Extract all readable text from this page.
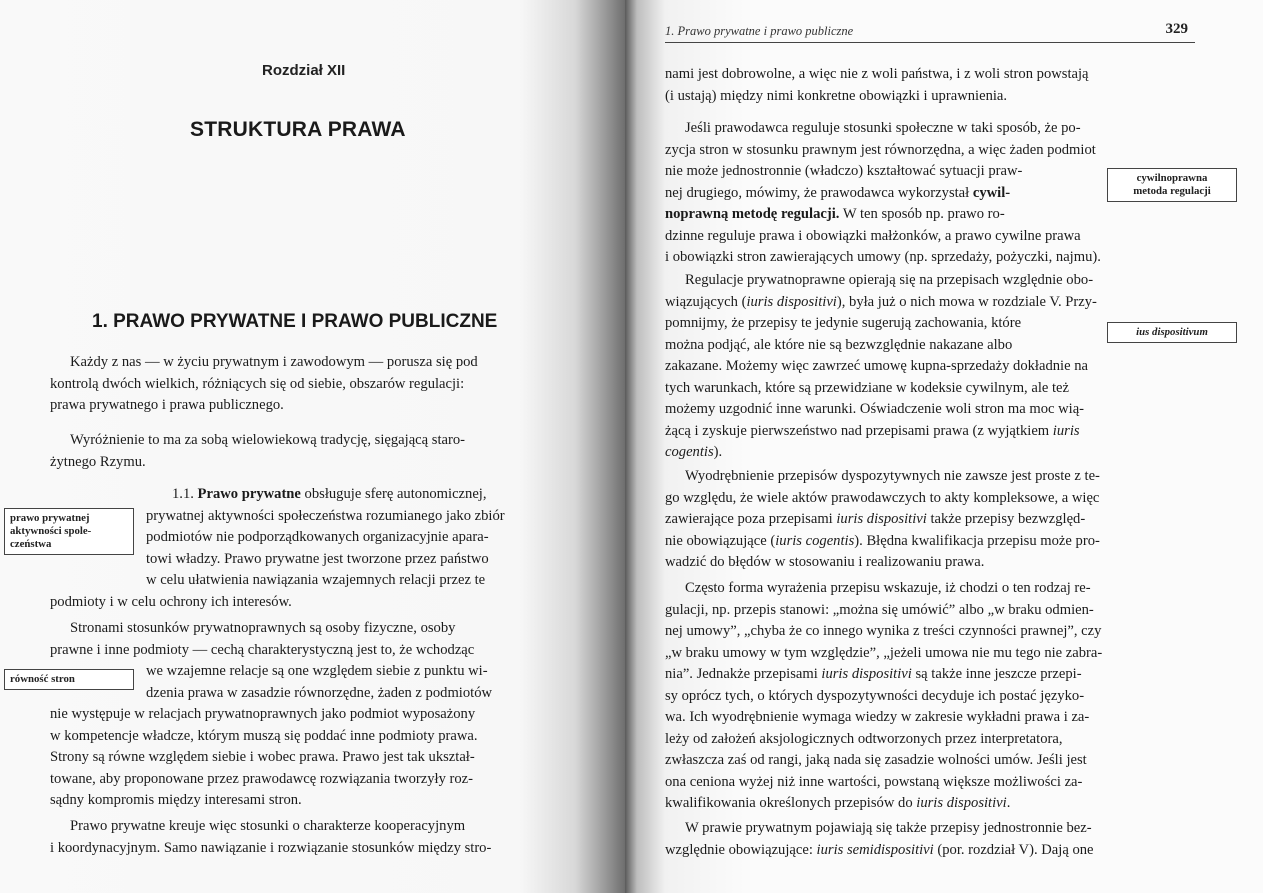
Rozdział XII
STRUKTURA PRAWA
1. PRAWO PRYWATNE I PRAWO PUBLICZNE
Każdy z nas — w życiu prywatnym i zawodowym — porusza się pod
kontrolą dwóch wielkich, różniących się od siebie, obszarów regulacji:
prawa prywatnego i prawa publicznego.
Wyróżnienie to ma za sobą wielowiekową tradycję, sięgającą staro-
żytnego Rzymu.
1.1. Prawo prywatne obsługuje sferę autonomicznej,
prywatnej aktywności społeczeństwa rozumianego jako zbiór
podmiotów nie podporządkowanych organizacyjnie apara-
towi władzy. Prawo prywatne jest tworzone przez państwo
w celu ułatwienia nawiązania wzajemnych relacji przez te
podmioty i w celu ochrony ich interesów.
prawo prywatnej
aktywności spole-
czeństwa
Stronami stosunków prywatnoprawnych są osoby fizyczne, osoby
prawne i inne podmioty — cechą charakterystyczną jest to, że wchodząc
we wzajemne relacje są one względem siebie z punktu wi-
dzenia prawa w zasadzie równorzędne, żaden z podmiotów
nie występuje w relacjach prywatnoprawnych jako podmiot wyposażony
w kompetencje władcze, którym muszą się poddać inne podmioty prawa.
Strony są równe względem siebie i wobec prawa. Prawo jest tak ukształ-
towane, aby proponowane przez prawodawcę rozwiązania tworzyły roz-
sądny kompromis między interesami stron.
równość stron
Prawo prywatne kreuje więc stosunki o charakterze kooperacyjnym
i koordynacyjnym. Samo nawiązanie i rozwiązanie stosunków między stro-
1. Prawo prywatne i prawo publiczne	329
nami jest dobrowolne, a więc nie z woli państwa, i z woli stron powstają
(i ustają) między nimi konkretne obowiązki i uprawnienia.
Jeśli prawodawca reguluje stosunki społeczne w taki sposób, że po-
zycja stron w stosunku prawnym jest równorzędna, a więc żaden podmiot
nie może jednostronnie (władczo) kształtować sytuacji praw-
nej drugiego, mówimy, że prawodawca wykorzystał cywil-
noprawną metodę regulacji. W ten sposób np. prawo ro-
dzinne reguluje prawa i obowiązki małżonków, a prawo cywilne prawa
i obowiązki stron zawierających umowy (np. sprzedaży, pożyczki, najmu).
cywilnoprawna
metoda regulacji
Regulacje prywatnoprawne opierają się na przepisach względnie obo-
wiązujących (iuris dispositivi), była już o nich mowa w rozdziale V. Przy-
pomnijmy, że przepisy te jedynie sugerują zachowania, które
można podjąć, ale które nie są bezwzględnie nakazane albo
zakazane. Możemy więc zawrzeć umowę kupna-sprzedaży dokładnie na
tych warunkach, które są przewidziane w kodeksie cywilnym, ale też
możemy uzgodnić inne warunki. Oświadczenie woli stron ma moc wią-
żącą i zyskuje pierwszeństwo nad przepisami prawa (z wyjątkiem iuris
cogentis).
ius dispositivum
Wyodrębnienie przepisów dyspozytywnych nie zawsze jest proste z te-
go względu, że wiele aktów prawodawczych to akty kompleksowe, a więc
zawierające poza przepisami iuris dispositivi także przepisy bezwzględ-
nie obowiązujące (iuris cogentis). Błędna kwalifikacja przepisu może pro-
wadzić do błędów w stosowaniu i realizowaniu prawa.
Często forma wyrażenia przepisu wskazuje, iż chodzi o ten rodzaj re-
gulacji, np. przepis stanowi: „można się umówić” albo „w braku odmien-
nej umowy”, „chyba że co innego wynika z treści czynności prawnej”, czy
„w braku umowy w tym względzie”, „jeżeli umowa nie mu tego nie zabra-
nia”. Jednakże przepisami iuris dispositivi są także inne jeszcze przepi-
sy oprócz tych, o których dyspozytywności decyduje ich postać językо-
wa. Ich wyodrębnienie wymaga wiedzy w zakresie wykładni prawa i za-
leży od założeń aksjologicznych odtworzonych przez interpretatora,
zwłaszcza zaś od rangi, jaką nada się zasadzie wolności umów. Jeśli jest
ona ceniona wyżej niż inne wartości, powstaną większe możliwości za-
kwalifikowania określonych przepisów do iuris dispositivi.
W prawie prywatnym pojawiają się także przepisy jednostronnie bez-
względnie obowiązujące: iuris semidispositivi (por. rozdział V). Dają one
